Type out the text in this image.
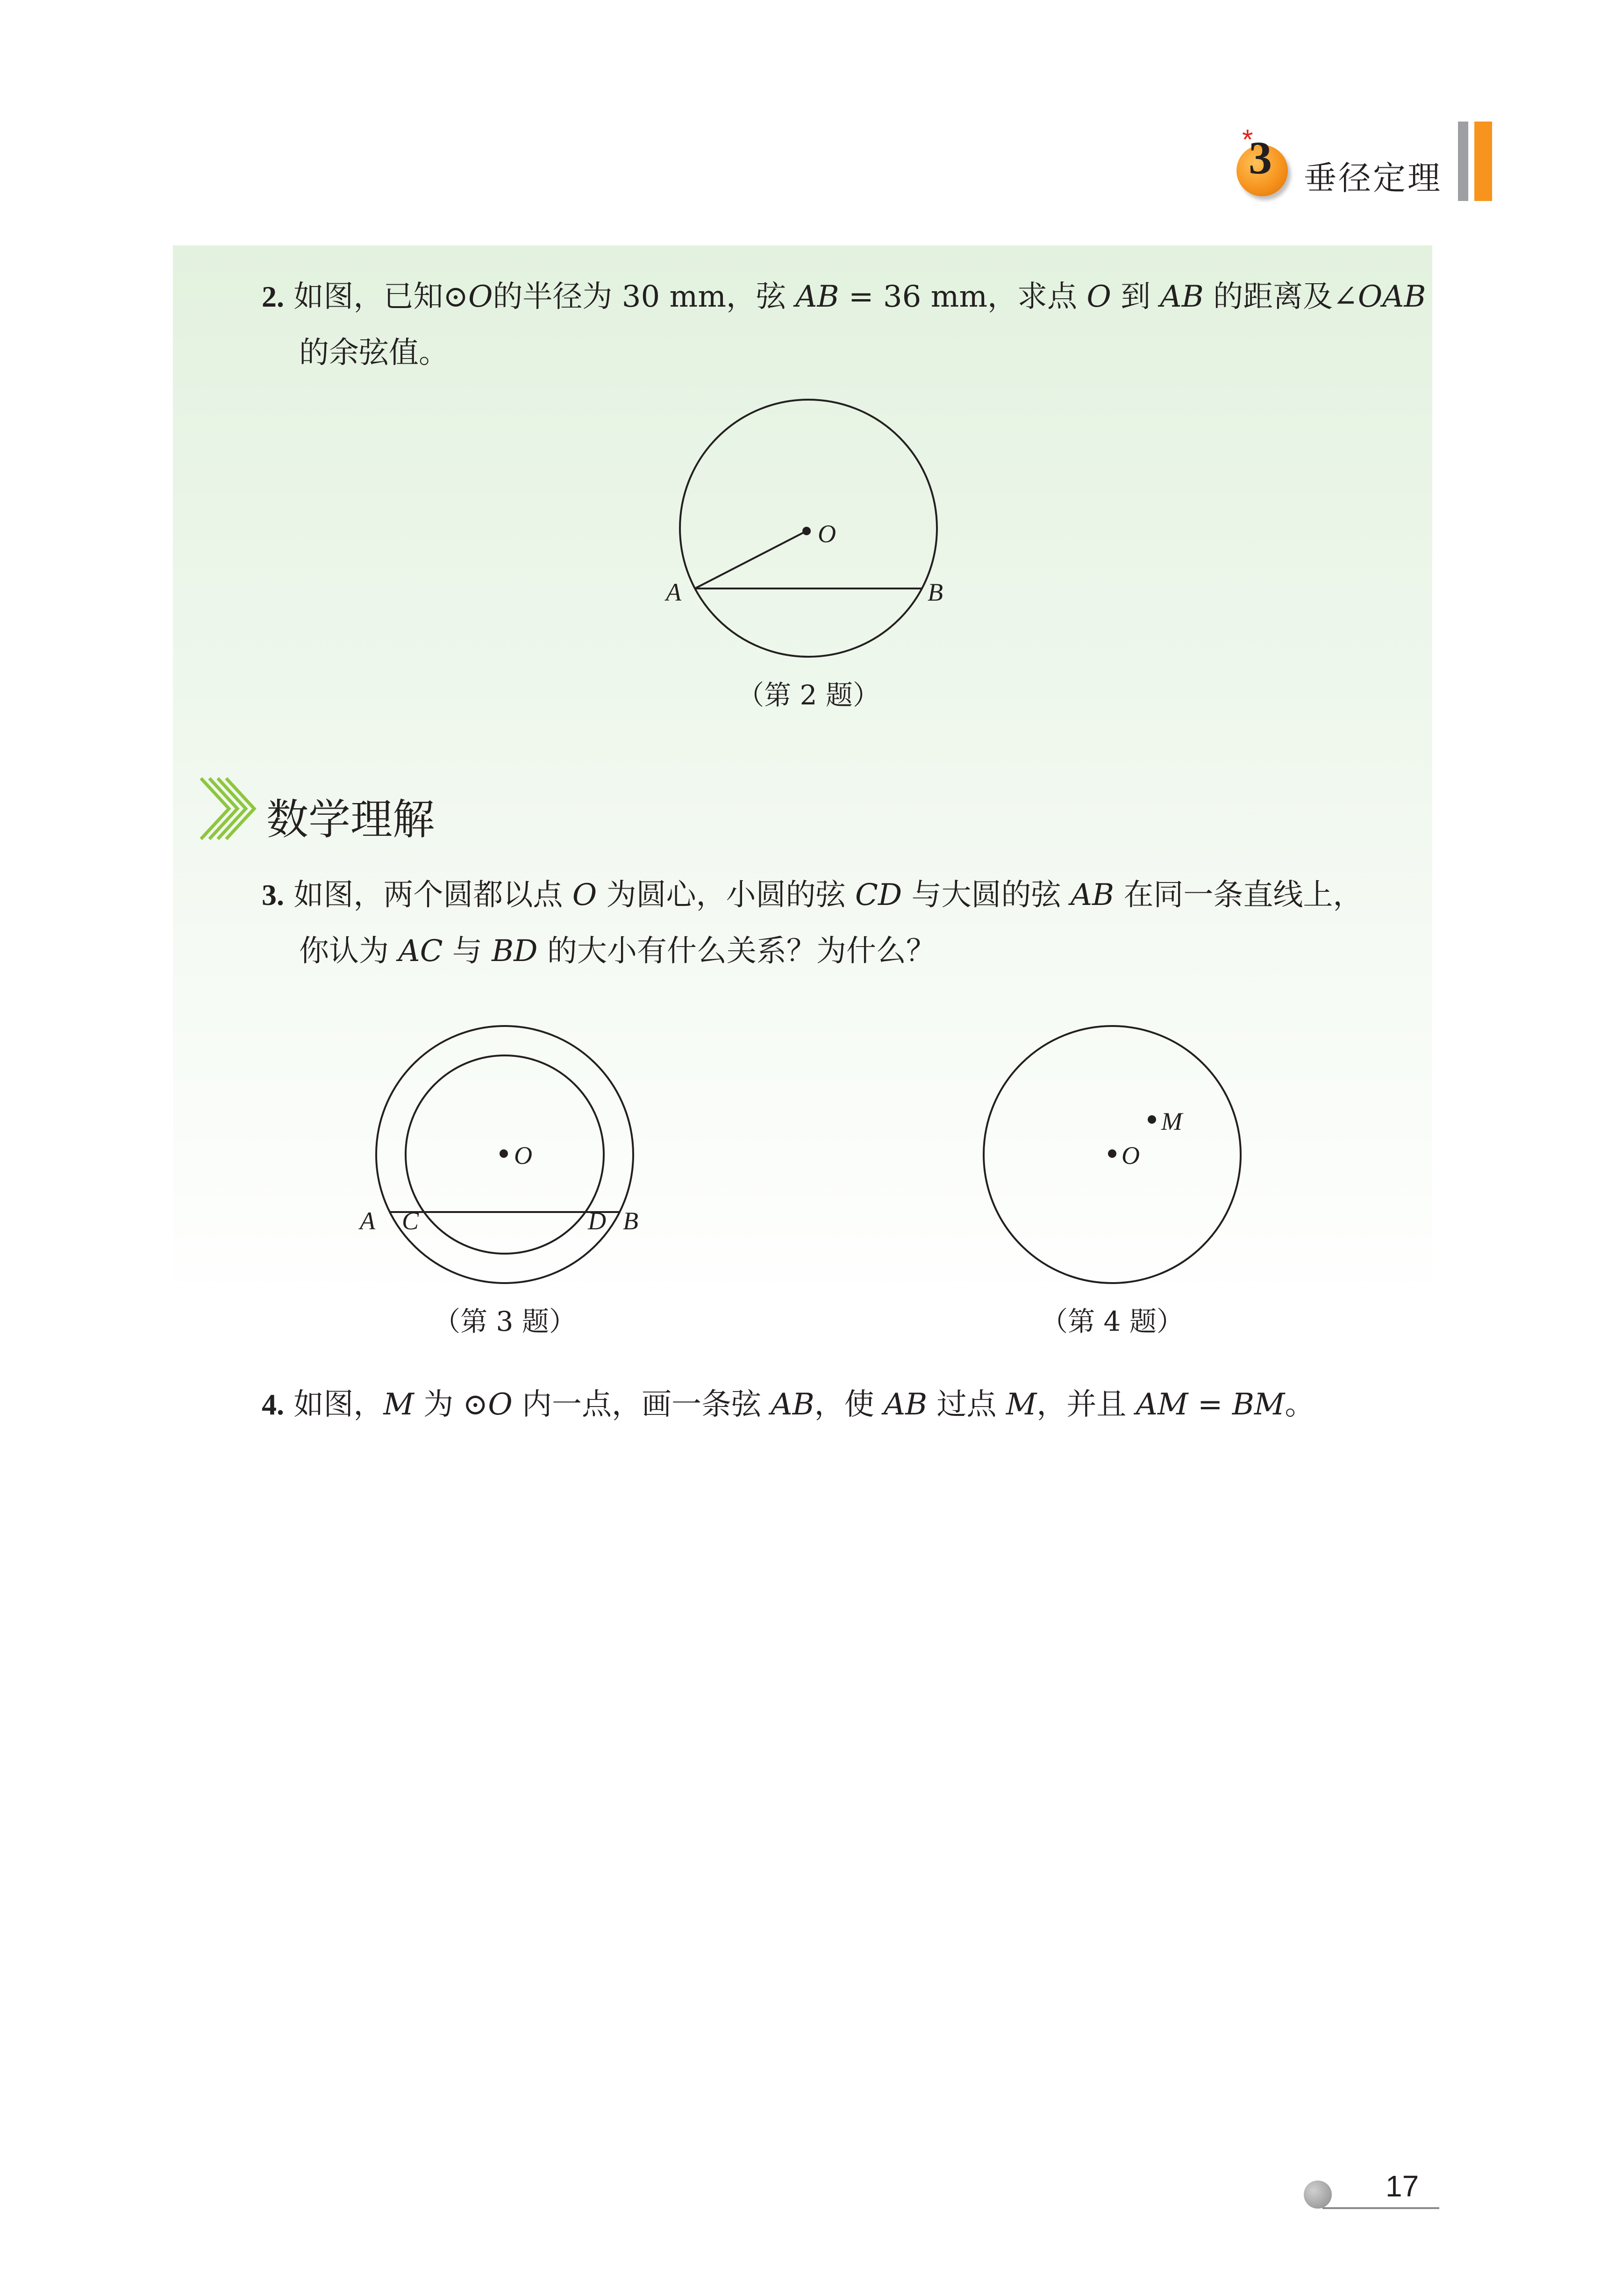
*
3 垂径定理
2. 如图，已知⊙O的半径为 30 mm，弦 AB = 36 mm，求点 O 到 AB 的距离及∠OAB
的余弦值。
O
A	B
（第 2 题）
数学理解
3. 如图，两个圆都以点 O 为圆心，小圆的弦 CD 与大圆的弦 AB 在同一条直线上，
你认为 AC 与 BD 的大小有什么关系？为什么？
O
A C	D B
（第 3 题）
M
O
（第 4 题）
4. 如图，M 为 ⊙O 内一点，画一条弦 AB，使 AB 过点 M，并且 AM = BM。
17
